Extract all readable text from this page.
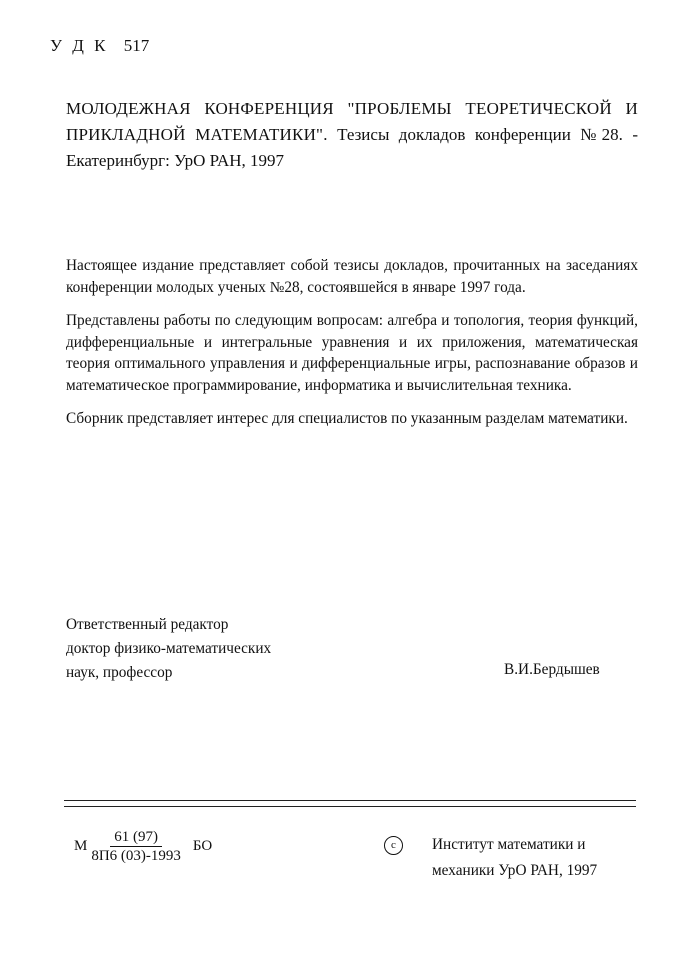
У Д К 517
МОЛОДЕЖНАЯ КОНФЕРЕНЦИЯ "ПРОБЛЕМЫ ТЕОРЕТИЧЕСКОЙ И ПРИКЛАДНОЙ МАТЕМАТИКИ". Тезисы докладов конференции №28. - Екатеринбург: УрО РАН, 1997

Настоящее издание представляет собой тезисы докладов, прочитанных на заседаниях конференции молодых ученых №28, состоявшейся в январе 1997 года.

Представлены работы по следующим вопросам: алгебра и топология, теория функций, дифференциальные и интегральные уравнения и их приложения, математическая теория оптимального управления и дифференциальные игры, распознавание образов и математическое программирование, информатика и вычислительная техника.

Сборник представляет интерес для специалистов по указанным разделам математики.

Ответственный редактор
доктор физико-математических
наук, профессор	В.И.Бердышев
М $\frac{61 (97)}{8П6 (03)-1993}$ БО	c	Институт математики и
механики УрО РАН, 1997
